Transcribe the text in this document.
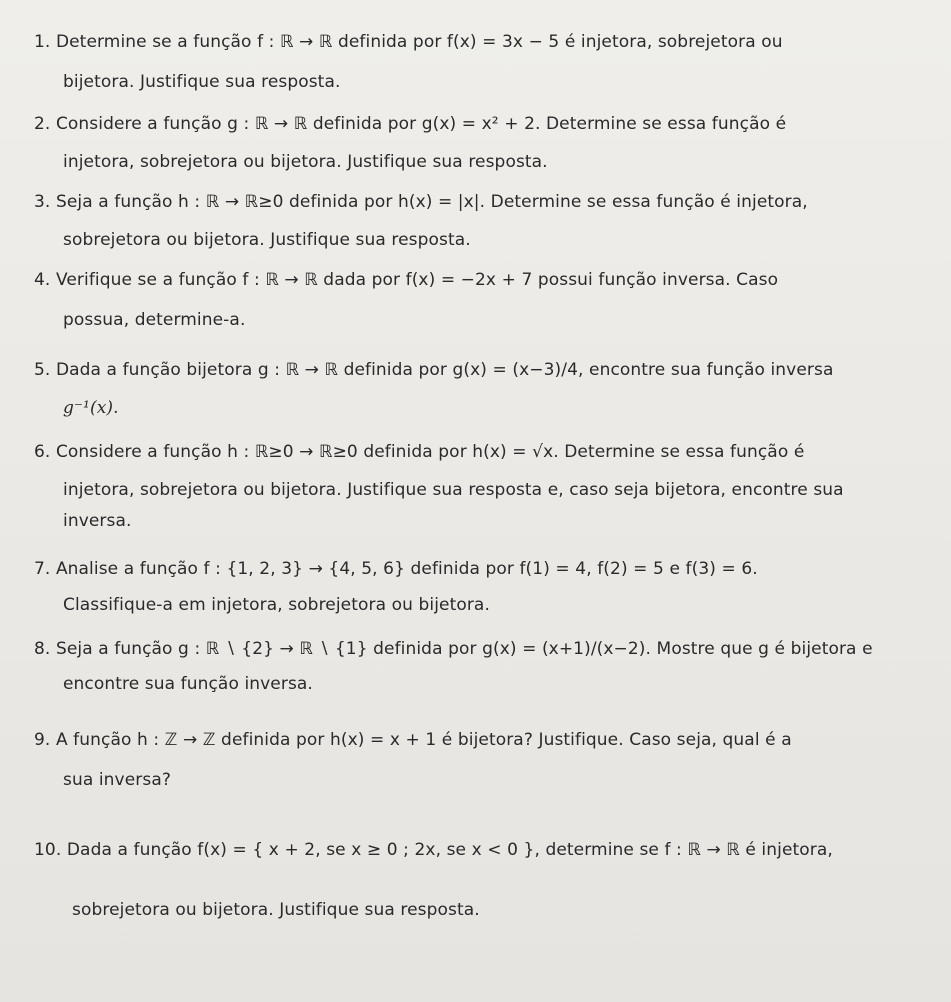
1. Determine se a função f : ℝ → ℝ definida por f(x) = 3x − 5 é injetora, sobrejetora ou
bijetora. Justifique sua resposta.
2. Considere a função g : ℝ → ℝ definida por g(x) = x² + 2. Determine se essa função é
injetora, sobrejetora ou bijetora. Justifique sua resposta.
3. Seja a função h : ℝ → ℝ≥0 definida por h(x) = |x|. Determine se essa função é injetora,
sobrejetora ou bijetora. Justifique sua resposta.
4. Verifique se a função f : ℝ → ℝ dada por f(x) = −2x + 7 possui função inversa. Caso
possua, determine-a.
5. Dada a função bijetora g : ℝ → ℝ definida por g(x) = (x−3)/4, encontre sua função inversa
g⁻¹(x).
6. Considere a função h : ℝ≥0 → ℝ≥0 definida por h(x) = √x. Determine se essa função é
injetora, sobrejetora ou bijetora. Justifique sua resposta e, caso seja bijetora, encontre sua
inversa.
7. Analise a função f : {1, 2, 3} → {4, 5, 6} definida por f(1) = 4, f(2) = 5 e f(3) = 6.
Classifique-a em injetora, sobrejetora ou bijetora.
8. Seja a função g : ℝ ∖ {2} → ℝ ∖ {1} definida por g(x) = (x+1)/(x−2). Mostre que g é bijetora e
encontre sua função inversa.
9. A função h : ℤ → ℤ definida por h(x) = x + 1 é bijetora? Justifique. Caso seja, qual é a
sua inversa?
10. Dada a função f(x) = { x + 2, se x ≥ 0 ; 2x, se x < 0 }, determine se f : ℝ → ℝ é injetora,
sobrejetora ou bijetora. Justifique sua resposta.
